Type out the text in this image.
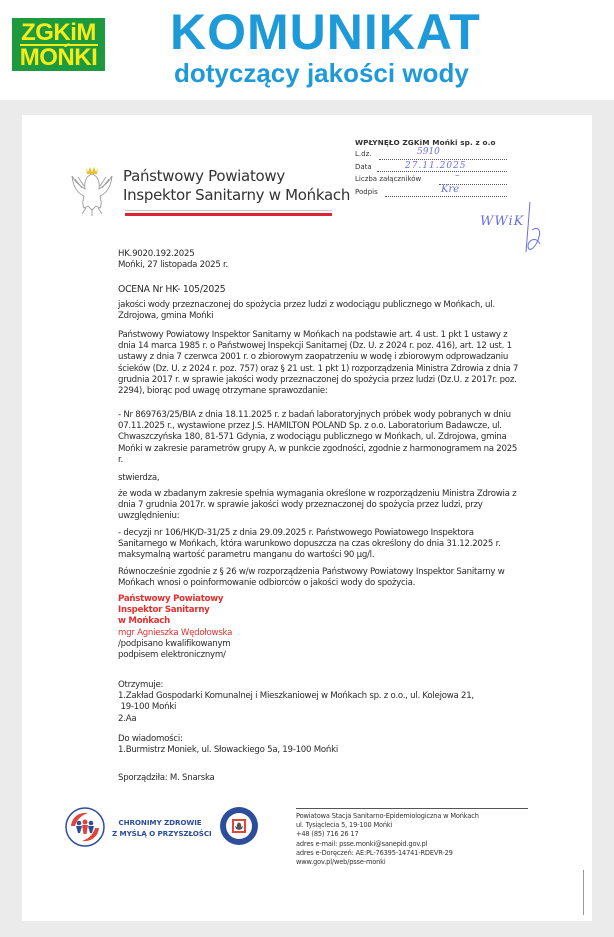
ZGKiM
MOŃKI KOMUNIKAT
dotyczący jakości wody
Państwowy Powiatowy
Inspektor Sanitarny w Mońkach
WPŁYNĘŁO ZGKiM Mońki sp. z o.o
L.dz.	5910
Data	27.11.2025
Liczba załączników	–
Podpis	Kre
WWiK

HK.9020.192.2025

Mońki, 27 listopada 2025 r.

OCENA Nr HK- 105/2025
jakości wody przeznaczonej do spożycia przez ludzi z wodociągu publicznego w Mońkach, ul. Zdrojowa, gmina Mońki
Państwowy Powiatowy Inspektor Sanitarny w Mońkach na podstawie art. 4 ust. 1 pkt 1 ustawy z dnia 14 marca 1985 r. o Państwowej Inspekcji Sanitarnej (Dz. U. z 2024 r. poz. 416), art. 12 ust. 1 ustawy z dnia 7 czerwca 2001 r. o zbiorowym zaopatrzeniu w wodę i zbiorowym odprowadzaniu ścieków (Dz. U. z 2024 r. poz. 757) oraz § 21 ust. 1 pkt 1) rozporządzenia Ministra Zdrowia z dnia 7 grudnia 2017 r. w sprawie jakości wody przeznaczonej do spożycia przez ludzi (Dz.U. z 2017r. poz. 2294), biorąc pod uwagę otrzymane sprawozdanie:
- Nr 869763/25/BIA z dnia 18.11.2025 r. z badań laboratoryjnych próbek wody pobranych w dniu 07.11.2025 r., wystawione przez J.S. HAMILTON POLAND Sp. z o.o. Laboratorium Badawcze, ul. Chwaszczyńska 180, 81-571 Gdynia, z wodociągu publicznego w Mońkach, ul. Zdrojowa, gmina Mońki w zakresie parametrów grupy A, w punkcie zgodności, zgodnie z harmonogramem na 2025 r.
stwierdza,
że woda w zbadanym zakresie spełnia wymagania określone w rozporządzeniu Ministra Zdrowia z dnia 7 grudnia 2017r. w sprawie jakości wody przeznaczonej do spożycia przez ludzi, przy uwzględnieniu:
- decyzji nr 106/HK/D-31/25 z dnia 29.09.2025 r. Państwowego Powiatowego Inspektora Sanitarnego w Mońkach, która warunkowo dopuszcza na czas określony do dnia 31.12.2025 r. maksymalną wartość parametru manganu do wartości 90 µg/l.
Równocześnie zgodnie z § 26 w/w rozporządzenia Państwowy Powiatowy Inspektor Sanitarny w Mońkach wnosi o poinformowanie odbiorców o jakości wody do spożycia.

Państwowy Powiatowy

Inspektor Sanitarny

w Mońkach

mgr Agnieszka Wędołowska

/podpisano kwalifikowanym

podpisem elektronicznym/

Otrzymuje:

1.Zakład Gospodarki Komunalnej i Mieszkaniowej w Mońkach sp. z o.o., ul. Kolejowa 21,

19-100 Mońki

2.Aa

Do wiadomości:

1.Burmistrz Moniek, ul. Słowackiego 5a, 19-100 Mońki

Sporządziła: M. Snarska
CHRONIMY ZDROWIE
Z MYŚLĄ O PRZYSZŁOŚCI
Powiatowa Stacja Sanitarno-Epidemiologiczna w Mońkach
ul. Tysiąclecia 5, 19-100 Mońki
+48 (85) 716 26 17
adres e-mail: psse.monki@sanepid.gov.pl
adres e-Doręczeń: AE:PL-76395-14741-RDEVR-29
www.gov.pl/web/psse-monki
